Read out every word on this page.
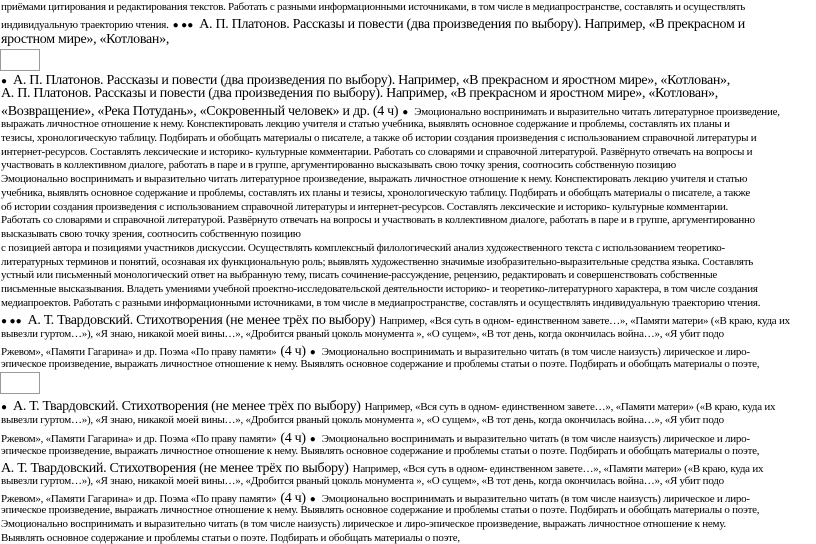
приёмами цитирования и редактирования текстов. Работать с разными информационными источниками, в том числе в медиапространстве, составлять и осуществлять
индивидуальную траекторию чтения. ● ●● А. П. Платонов. Рассказы и повести (два произведения по выбору). Например, «В прекрасном и
яростном мире», «Котлован»,
● А. П. Платонов. Рассказы и повести (два произведения по выбору). Например, «В прекрасном и яростном мире», «Котлован»,
А. П. Платонов. Рассказы и повести (два произведения по выбору). Например, «В прекрасном и яростном мире», «Котлован»,
«Возвращение», «Река Потудань», «Сокровенный человек» и др. (4 ч) ● Эмоционально воспринимать и выразительно читать литературное произведение,
выражать личностное отношение к нему. Конспектировать лекцию учителя и статью учебника, выявлять основное содержание и проблемы, составлять их планы и
тезисы, хронологическую таблицу. Подбирать и обобщать материалы о писателе, а также об истории создания произведения с использованием справочной литературы и
интернет-ресурсов. Составлять лексические и историко- культурные комментарии. Работать со словарями и справочной литературой. Развёрнуто отвечать на вопросы и
участвовать в коллективном диалоге, работать в паре и в группе, аргументированно высказывать свою точку зрения, соотносить собственную позицию
Эмоционально воспринимать и выразительно читать литературное произведение, выражать личностное отношение к нему. Конспектировать лекцию учителя и статью
учебника, выявлять основное содержание и проблемы, составлять их планы и тезисы, хронологическую таблицу. Подбирать и обобщать материалы о писателе, а также
об истории создания произведения с использованием справочной литературы и интернет-ресурсов. Составлять лексические и историко- культурные комментарии.
Работать со словарями и справочной литературой. Развёрнуто отвечать на вопросы и участвовать в коллективном диалоге, работать в паре и в группе, аргументированно
высказывать свою точку зрения, соотносить собственную позицию
с позицией автора и позициями участников дискуссии. Осуществлять комплексный филологический анализ художественного текста с использованием теоретико-
литературных терминов и понятий, осознавая их функциональную роль; выявлять художественно значимые изобразительно-выразительные средства языка. Составлять
устный или письменный монологический ответ на выбранную тему, писать сочинение-рассуждение, рецензию, редактировать и совершенствовать собственные
письменные высказывания. Владеть умениями учебной проектно-исследовательской деятельности историко- и теоретико-литературного характера, в том числе создания
медиапроектов. Работать с разными информационными источниками, в том числе в медиапространстве, составлять и осуществлять индивидуальную траекторию чтения.
● ●● А. Т. Твардовский. Стихотворения (не менее трёх по выбору) Например, «Вся суть в одном- единственном завете…», «Памяти матери» («В краю, куда их
вывезли гуртом…»), «Я знаю, никакой моей вины…», «Дробится рваный цоколь монумента », «О сущем», «В тот день, когда окончилась война…», «Я убит подо
Ржевом», «Памяти Гагарина» и др. Поэма «По праву памяти» (4 ч) ● Эмоционально воспринимать и выразительно читать (в том числе наизусть) лирическое и лиро-
эпическое произведение, выражать личностное отношение к нему. Выявлять основное содержание и проблемы статьи о поэте. Подбирать и обобщать материалы о поэте,
● А. Т. Твардовский. Стихотворения (не менее трёх по выбору) Например, «Вся суть в одном- единственном завете…», «Памяти матери» («В краю, куда их
вывезли гуртом…»), «Я знаю, никакой моей вины…», «Дробится рваный цоколь монумента », «О сущем», «В тот день, когда окончилась война…», «Я убит подо
Ржевом», «Памяти Гагарина» и др. Поэма «По праву памяти» (4 ч) ● Эмоционально воспринимать и выразительно читать (в том числе наизусть) лирическое и лиро-
эпическое произведение, выражать личностное отношение к нему. Выявлять основное содержание и проблемы статьи о поэте. Подбирать и обобщать материалы о поэте,
А. Т. Твардовский. Стихотворения (не менее трёх по выбору) Например, «Вся суть в одном- единственном завете…», «Памяти матери» («В краю, куда их
вывезли гуртом…»), «Я знаю, никакой моей вины…», «Дробится рваный цоколь монумента », «О сущем», «В тот день, когда окончилась война…», «Я убит подо
Ржевом», «Памяти Гагарина» и др. Поэма «По праву памяти» (4 ч) ● Эмоционально воспринимать и выразительно читать (в том числе наизусть) лирическое и лиро-
эпическое произведение, выражать личностное отношение к нему. Выявлять основное содержание и проблемы статьи о поэте. Подбирать и обобщать материалы о поэте,
Эмоционально воспринимать и выразительно читать (в том числе наизусть) лирическое и лиро-эпическое произведение, выражать личностное отношение к нему.
Выявлять основное содержание и проблемы статьи о поэте. Подбирать и обобщать материалы о поэте,
